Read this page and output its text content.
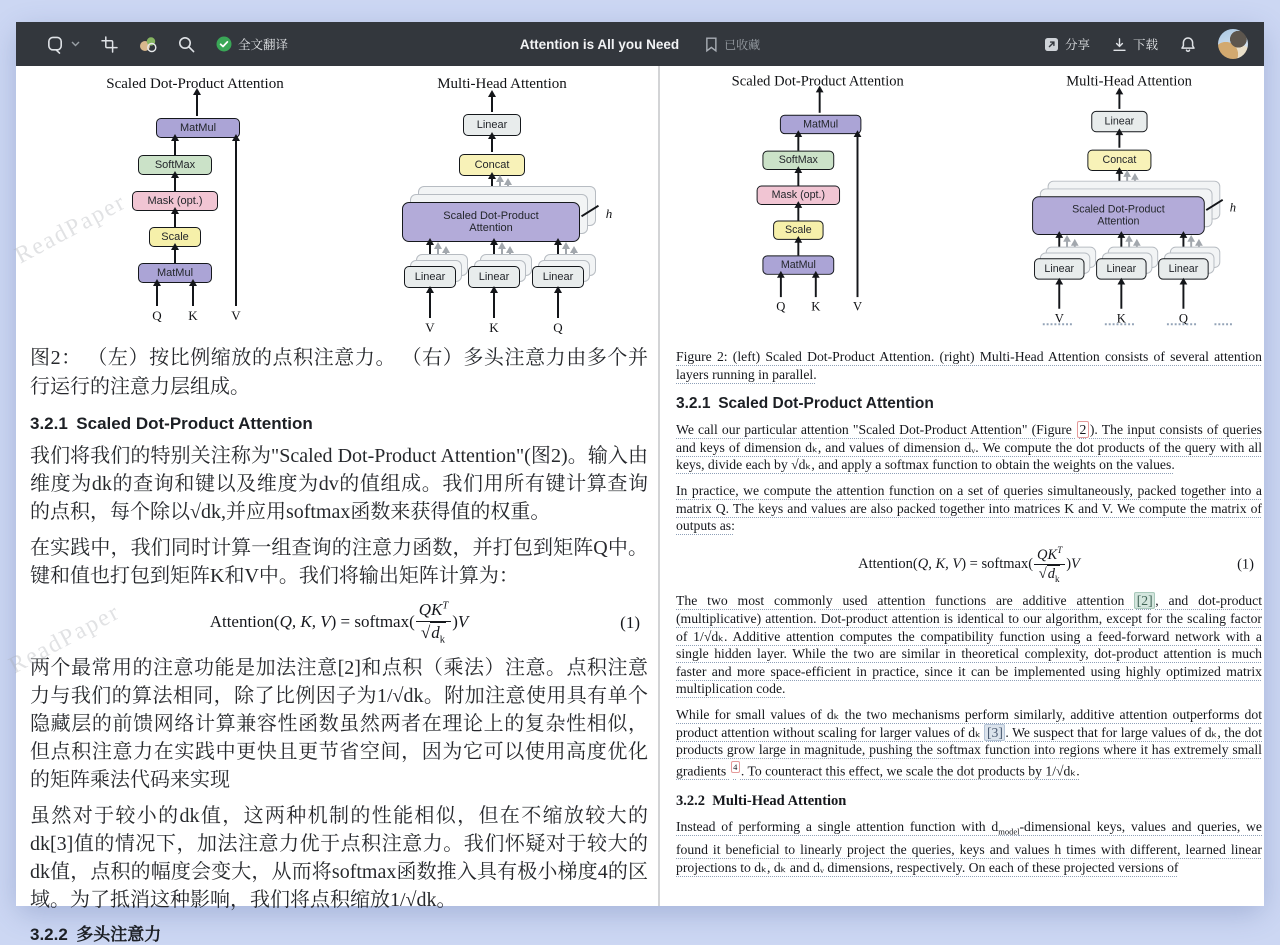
全文翻译	Attention is All you Need	已收藏	分享	下载
ReadPaper
ReadPaper
Scaled Dot-Product Attention
MatMul
SoftMax
Mask (opt.)
Scale
MatMul
Q K	V
Multi-Head Attention
Linear
Concat
Scaled Dot-Product
Attention
h
Linear	Linear	Linear
V	K	Q

图2： （左）按比例缩放的点积注意力。 （右）多头注意力由多个并行运行的注意力层组成。

3.2.1 Scaled Dot-Product Attention

我们将我们的特别关注称为"Scaled Dot-Product Attention"(图2)。输入由维度为dk的查询和键以及维度为dv的值组成。我们用所有键计算查询的点积，每个除以√dk,并应用softmax函数来获得值的权重。

在实践中，我们同时计算一组查询的注意力函数，并打包到矩阵Q中。键和值也打包到矩阵K和V中。我们将输出矩阵计算为：

Attention(Q, K, V) = softmax( $\frac{QK^T}{√d_k} )V$	(1)

两个最常用的注意功能是加法注意[2]和点积（乘法）注意。点积注意力与我们的算法相同，除了比例因子为1/√dk。附加注意使用具有单个隐藏层的前馈网络计算兼容性函数虽然两者在理论上的复杂性相似，但点积注意力在实践中更快且更节省空间，因为它可以使用高度优化的矩阵乘法代码来实现

虽然对于较小的dk值，这两种机制的性能相似，但在不缩放较大的dk[3]值的情况下，加法注意力优于点积注意力。我们怀疑对于较大的dk值，点积的幅度会变大，从而将softmax函数推入具有极小梯度4的区域。为了抵消这种影响，我们将点积缩放1/√dk。

3.2.2 多头注意力
Scaled Dot-Product Attention
MatMul
SoftMax
Mask (opt.)
Scale
MatMul
Q K	V
Multi-Head Attention
Linear
Concat
Scaled Dot-Product
Attention
h
Linear	Linear	Linear
V	K	Q

Figure 2: (left) Scaled Dot-Product Attention. (right) Multi-Head Attention consists of several attention layers running in parallel.

3.2.1 Scaled Dot-Product Attention

We call our particular attention "Scaled Dot-Product Attention" (Figure 2 ). The input consists of queries and keys of dimension dₖ, and values of dimension dᵥ. We compute the dot products of the query with all keys, divide each by √dₖ, and apply a softmax function to obtain the weights on the values.

In practice, we compute the attention function on a set of queries simultaneously, packed together into a matrix Q. The keys and values are also packed together into matrices K and V. We compute the matrix of outputs as:

Attention(Q, K, V) = softmax( $\frac{QK^T}{√d_k} )V$	(1)

The two most commonly used attention functions are additive attention [2] , and dot-product (multiplicative) attention. Dot-product attention is identical to our algorithm, except for the scaling factor of 1/√dₖ. Additive attention computes the compatibility function using a feed-forward network with a single hidden layer. While the two are similar in theoretical complexity, dot-product attention is much faster and more space-efficient in practice, since it can be implemented using highly optimized matrix multiplication code.

While for small values of dₖ the two mechanisms perform similarly, additive attention outperforms dot product attention without scaling for larger values of dₖ [3] . We suspect that for large values of dₖ, the dot products grow large in magnitude, pushing the softmax function into regions where it has extremely small gradients $^4$ . To counteract this effect, we scale the dot products by 1/√dₖ.

3.2.2 Multi-Head Attention

Instead of performing a single attention function with $d_{model}$-dimensional keys, values and queries, we found it beneficial to linearly project the queries, keys and values h times with different, learned linear projections to dₖ, dₖ and dᵥ dimensions, respectively. On each of these projected versions of
